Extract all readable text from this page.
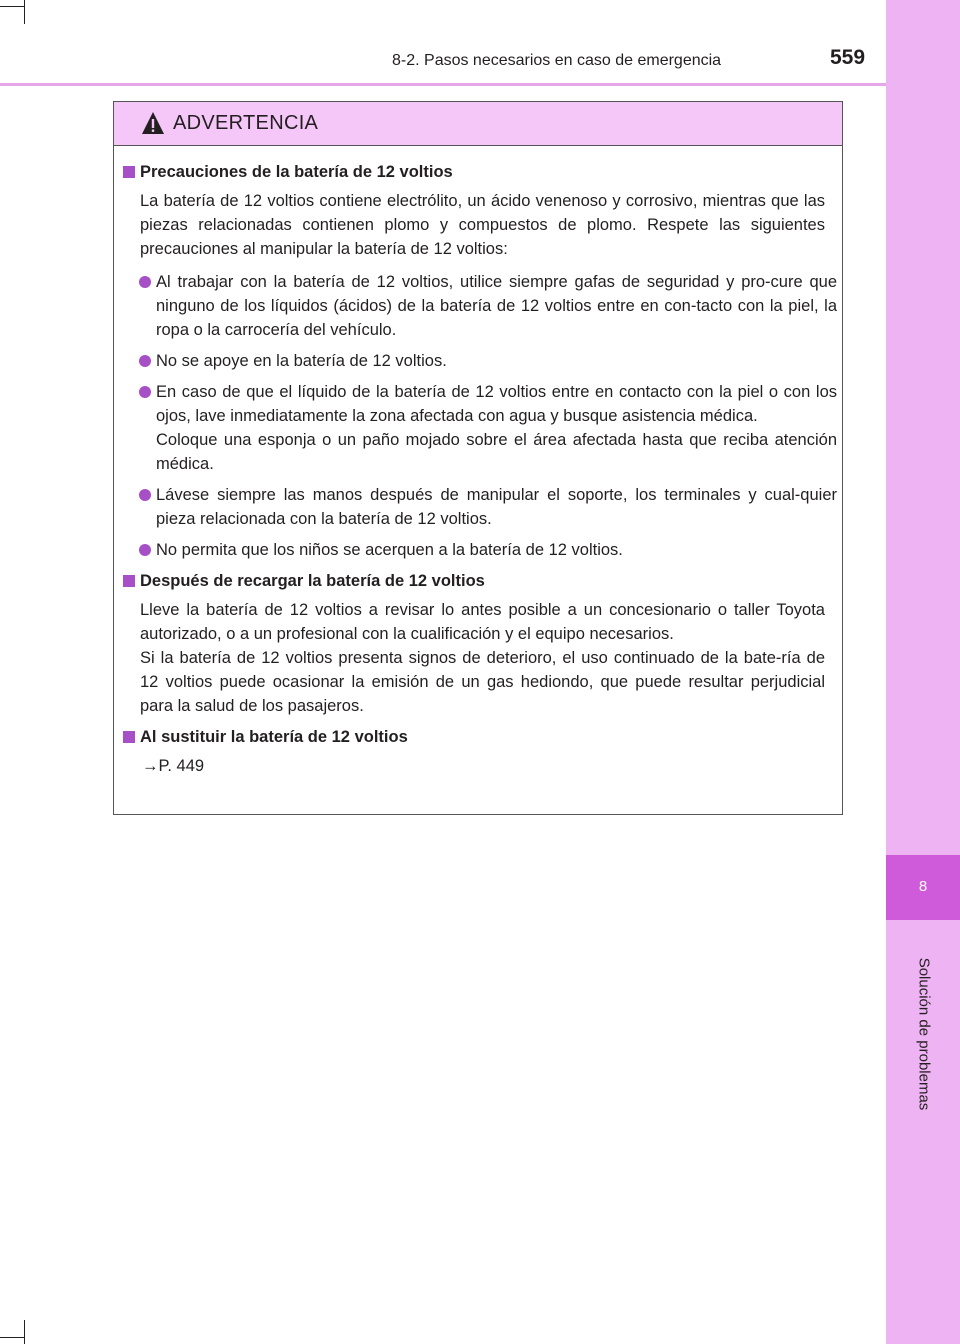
8-2. Pasos necesarios en caso de emergencia	559
8
Solución de problemas
ADVERTENCIA
Precauciones de la batería de 12 voltios
La batería de 12 voltios contiene electrólito, un ácido venenoso y corrosivo, mientras que las piezas relacionadas contienen plomo y compuestos de plomo. Respete las siguientes precauciones al manipular la batería de 12 voltios:
Al trabajar con la batería de 12 voltios, utilice siempre gafas de seguridad y pro-cure que ninguno de los líquidos (ácidos) de la batería de 12 voltios entre en con-tacto con la piel, la ropa o la carrocería del vehículo.
No se apoye en la batería de 12 voltios.
En caso de que el líquido de la batería de 12 voltios entre en contacto con la piel o con los ojos, lave inmediatamente la zona afectada con agua y busque asistencia médica.
Coloque una esponja o un paño mojado sobre el área afectada hasta que reciba atención médica.
Lávese siempre las manos después de manipular el soporte, los terminales y cual-quier pieza relacionada con la batería de 12 voltios.
No permita que los niños se acerquen a la batería de 12 voltios.
Después de recargar la batería de 12 voltios
Lleve la batería de 12 voltios a revisar lo antes posible a un concesionario o taller Toyota autorizado, o a un profesional con la cualificación y el equipo necesarios.
Si la batería de 12 voltios presenta signos de deterioro, el uso continuado de la bate-ría de 12 voltios puede ocasionar la emisión de un gas hediondo, que puede resultar perjudicial para la salud de los pasajeros.
Al sustituir la batería de 12 voltios
→P. 449
